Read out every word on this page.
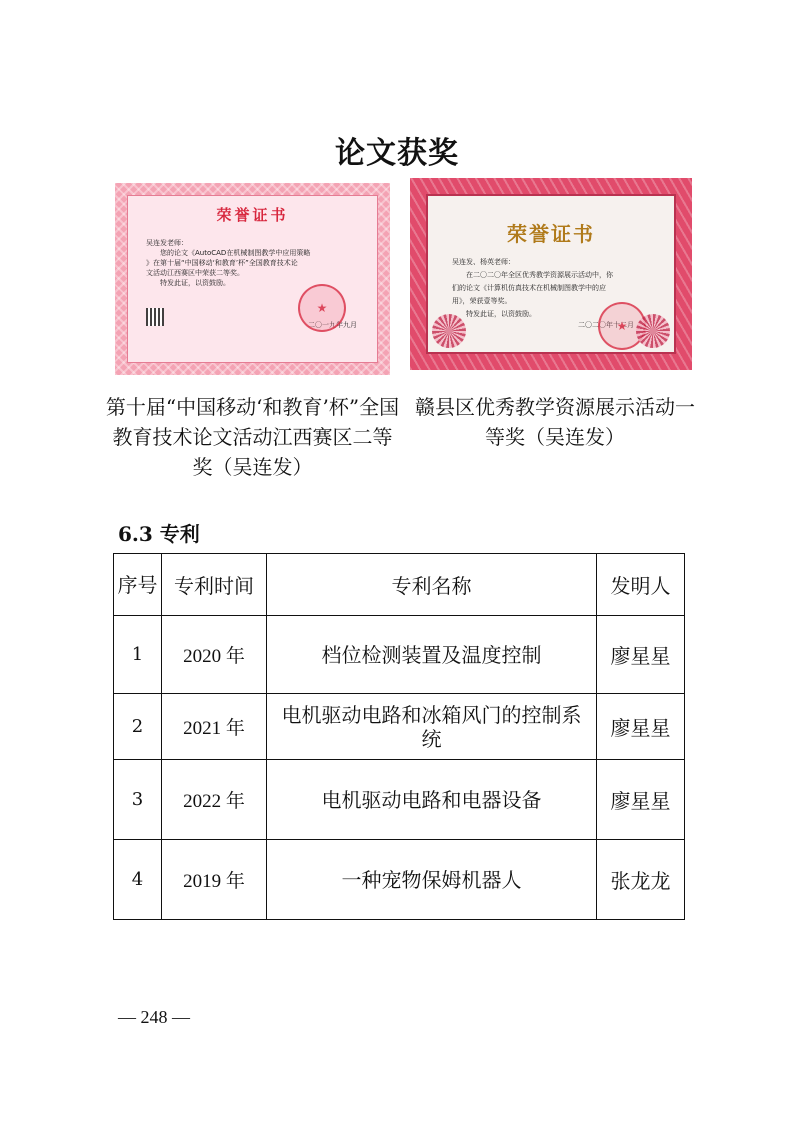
论文获奖
荣誉证书
吴连发老师：
您的论文《AutoCAD在机械制图教学中应用策略
》在第十届“中国移动‘和教育’杯”全国教育技术论
文活动江西赛区中荣获二等奖。
特发此证，以资鼓励。
二〇一九年九月
★
荣誉证书
吴连发、杨英老师：
在二〇二〇年全区优秀教学资源展示活动中，你
们的论文《计算机仿真技术在机械制图教学中的应
用》，荣获壹等奖。
特发此证，以资鼓励。
二〇二〇年十二月
★
第十届“中国移动‘和教育’杯”全国教育技术论文活动江西赛区二等奖（吴连发）
赣县区优秀教学资源展示活动一等奖（吴连发）
6.3 专利
序号	专利时间	专利名称	发明人
1	2020 年	档位检测装置及温度控制	廖星星
2	2021 年	电机驱动电路和冰箱风门的控制系统	廖星星
3	2022 年	电机驱动电路和电器设备	廖星星
4	2019 年	一种宠物保姆机器人	张龙龙
— 248 —
